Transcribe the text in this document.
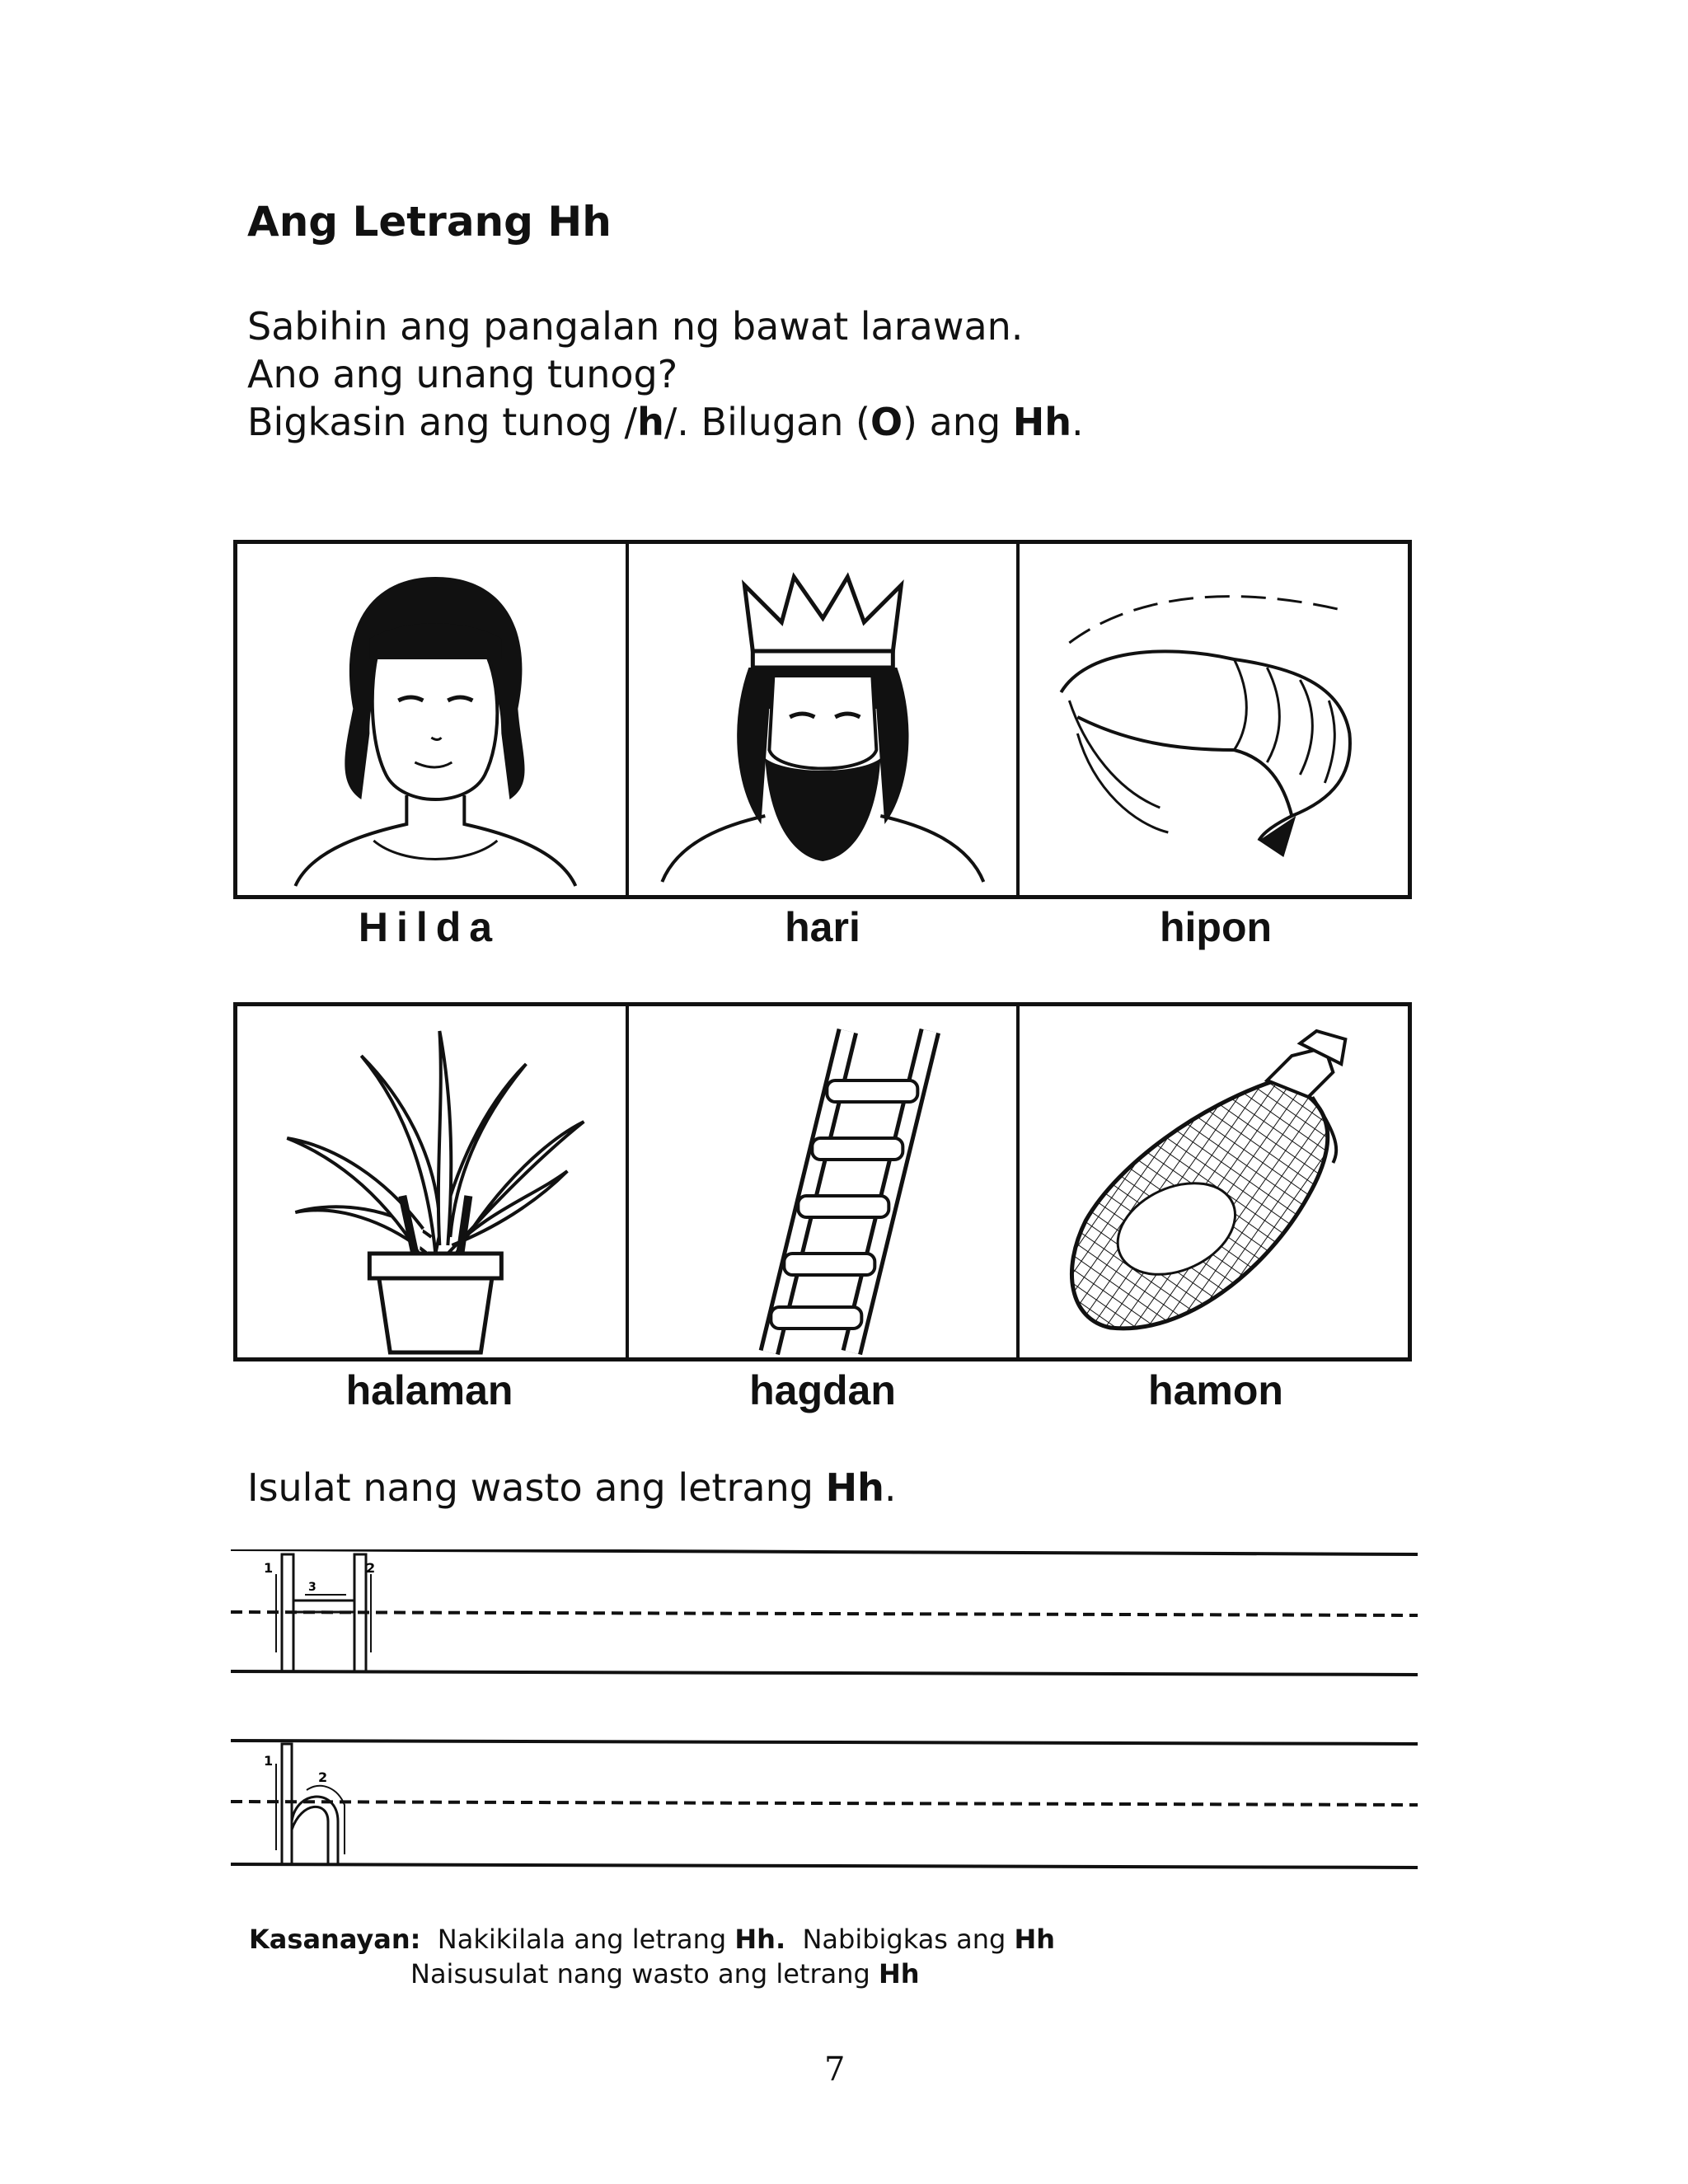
Ang Letrang Hh
Sabihin ang pangalan ng bawat larawan.
Ano ang unang tunog?
Bigkasin ang tunog /h/. Bilugan (O) ang Hh.
Hilda	hari	hipon
halaman	hagdan	hamon
Isulat nang wasto ang letrang Hh.
1	2
3
1
2
Kasanayan:  Nakikilala ang letrang Hh.  Nabibigkas ang Hh
Naisusulat nang wasto ang letrang Hh
7
